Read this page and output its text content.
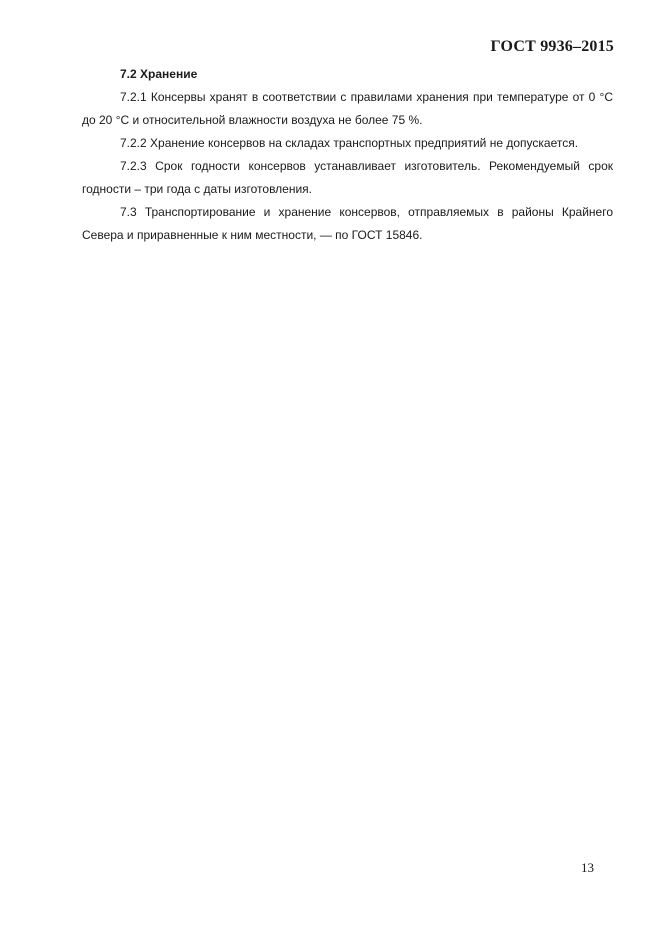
ГОСТ 9936–2015

7.2 Хранение

7.2.1 Консервы хранят в соответствии с правилами хранения при температуре от 0 °С до 20 °С и относительной влажности воздуха не более 75 %.

7.2.2 Хранение консервов на складах транспортных предприятий не допускается.

7.2.3 Срок годности консервов устанавливает изготовитель. Рекомендуемый срок годности – три года с даты изготовления.

7.3 Транспортирование и хранение консервов, отправляемых в районы Крайнего Севера и приравненные к ним местности, — по ГОСТ 15846.

13
